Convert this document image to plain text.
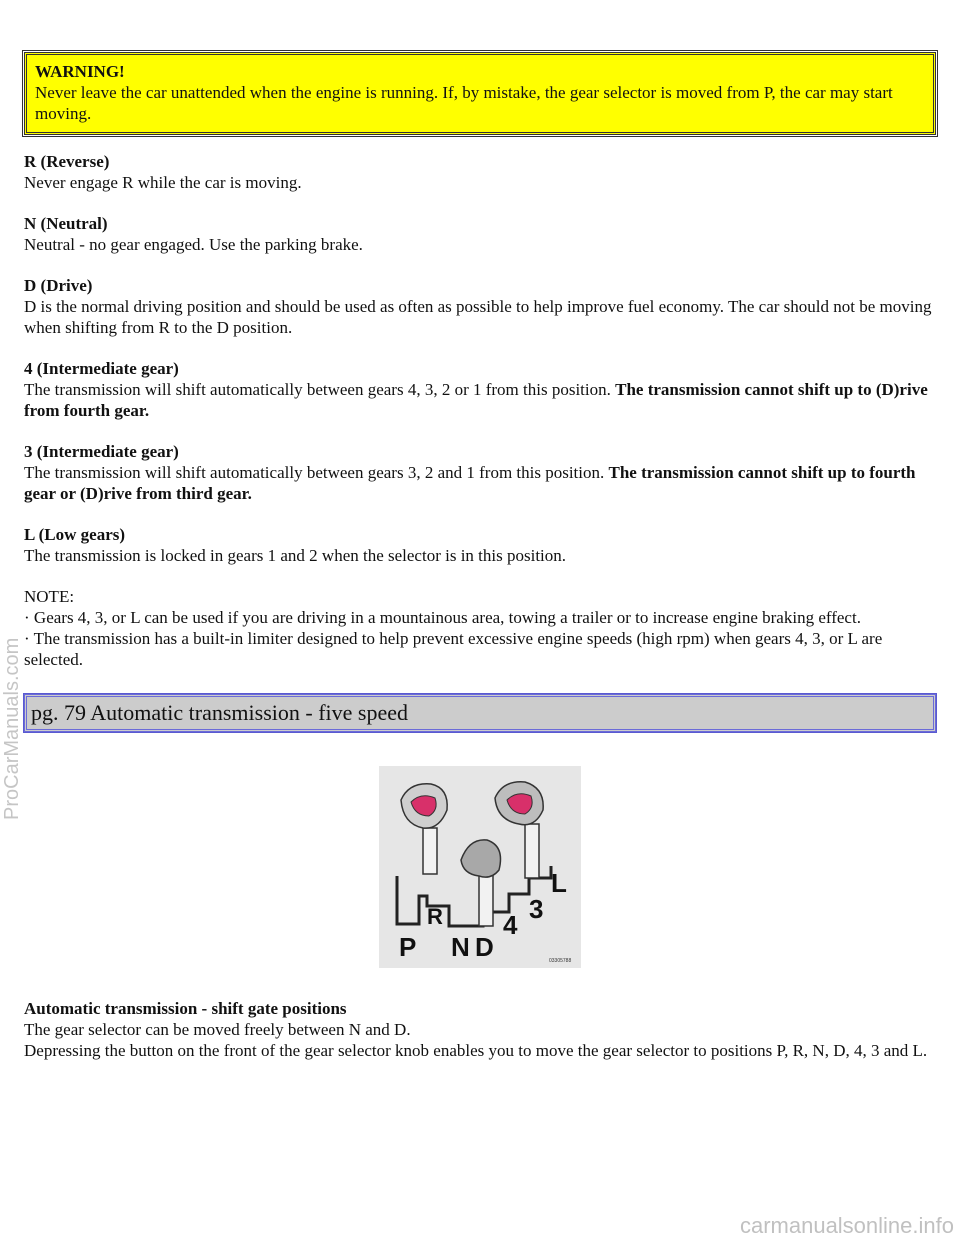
ProCarManuals.com
WARNING!
Never leave the car unattended when the engine is running. If, by mistake, the gear selector is moved from P, the car may start moving.
R (Reverse)
Never engage R while the car is moving.
N (Neutral)
Neutral - no gear engaged. Use the parking brake.
D (Drive)
D is the normal driving position and should be used as often as possible to help improve fuel economy. The car should not be moving when shifting from R to the D position.
4 (Intermediate gear)
The transmission will shift automatically between gears 4, 3, 2 or 1 from this position. The transmission cannot shift up to (D)rive from fourth gear.
3 (Intermediate gear)
The transmission will shift automatically between gears 3, 2 and 1 from this position. The transmission cannot shift up to fourth gear or (D)rive from third gear.
L (Low gears)
The transmission is locked in gears 1 and 2 when the selector is in this position.
NOTE:

· Gears 4, 3, or L can be used if you are driving in a mountainous area, towing a trailer or to increase engine braking effect.

· The transmission has a built-in limiter designed to help prevent excessive engine speeds (high rpm) when gears 4, 3, or L are selected.

pg. 79 Automatic transmission - five speed
P
R
N D
4
3
L
03305788
Automatic transmission - shift gate positions
The gear selector can be moved freely between N and D.
Depressing the button on the front of the gear selector knob enables you to move the gear selector to positions P, R, N, D, 4, 3 and L.
carmanualsonline.info
